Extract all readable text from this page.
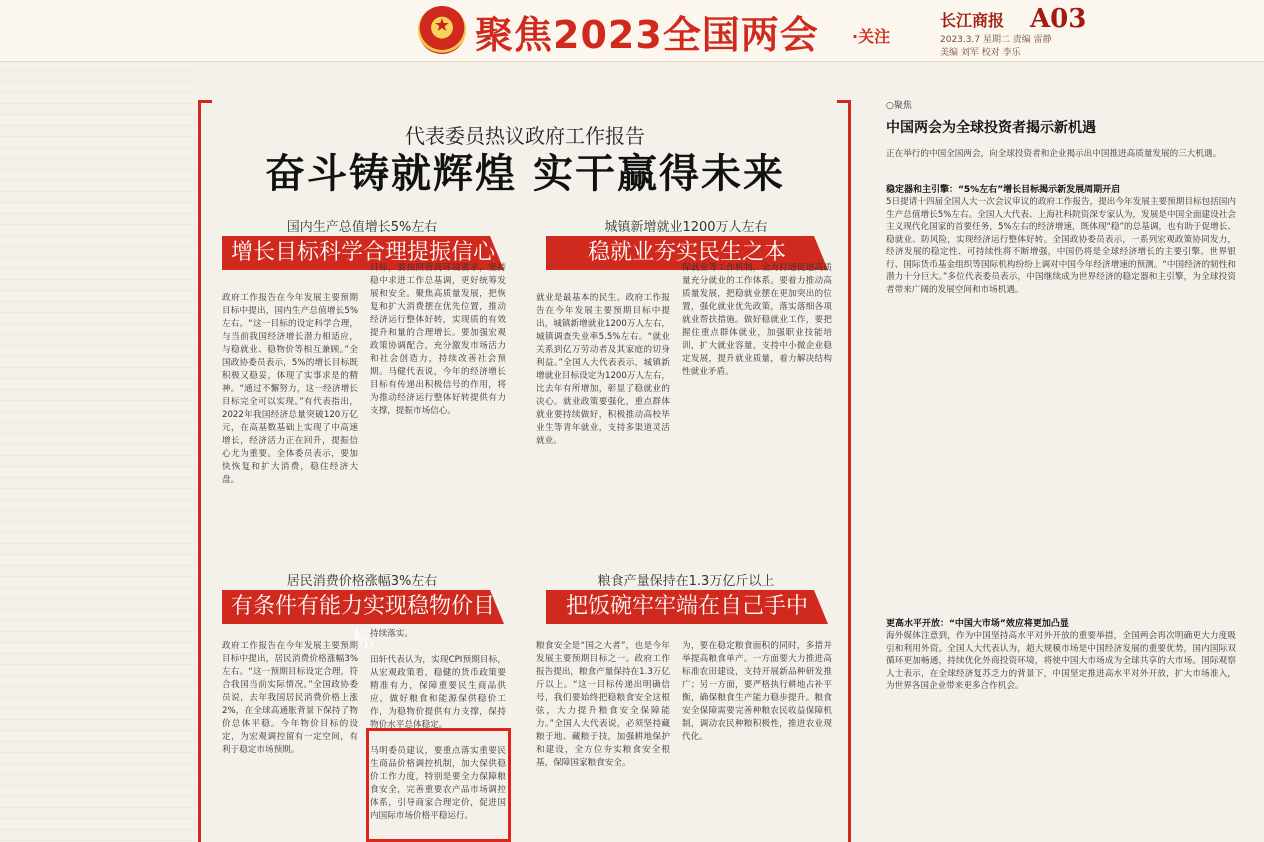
★ 聚焦2023全国两会 ·关注
长江商报 A03
2023.3.7 星期二 责编 雷静
美编 刘军 校对 李乐
代表委员热议政府工作报告
奋斗铸就辉煌 实干赢得未来
国内生产总值增长5%左右
增长目标科学合理提振信心
政府工作报告在今年发展主要预期目标中提出，国内生产总值增长5%左右。“这一目标的设定科学合理，与当前我国经济增长潜力相适应，与稳就业、稳物价等相互兼顾。”全国政协委员表示，5%的增长目标既积极又稳妥，体现了实事求是的精神。“通过不懈努力，这一经济增长目标完全可以实现。”有代表指出，2022年我国经济总量突破120万亿元，在高基数基础上实现了中高速增长，经济活力正在回升，提振信心尤为重要。全体委员表示，要加快恢复和扩大消费，稳住经济大盘。
目标，要按照营商环境要求，坚持稳中求进工作总基调，更好统筹发展和安全。聚焦高质量发展，把恢复和扩大消费摆在优先位置，推动经济运行整体好转，实现质的有效提升和量的合理增长。要加强宏观政策协调配合，充分激发市场活力和社会创造力，持续改善社会预期。马健代表说，今年的经济增长目标有传递出积极信号的作用，将为推动经济运行整体好转提供有力支撑，提振市场信心。
城镇新增就业1200万人左右
稳就业夯实民生之本
就业是最基本的民生。政府工作报告在今年发展主要预期目标中提出，城镇新增就业1200万人左右，城镇调查失业率5.5%左右。“就业关系到亿万劳动者及其家庭的切身利益。”全国人大代表表示，城镇新增就业目标设定为1200万人左右，比去年有所增加，彰显了稳就业的决心。就业政策要强化，重点群体就业要持续做好，积极推动高校毕业生等青年就业，支持多渠道灵活就业。
保就业等工作机制，全力打通促进高质量充分就业的工作体系。要着力推动高质量发展，把稳就业摆在更加突出的位置，强化就业优先政策，落实落细各项就业帮扶措施。做好稳就业工作，要把握住重点群体就业，加强职业技能培训，扩大就业容量，支持中小微企业稳定发展，提升就业质量，着力解决结构性就业矛盾。
居民消费价格涨幅3%左右
有条件有能力实现稳物价目标
政府工作报告在今年发展主要预期目标中提出，居民消费价格涨幅3%左右。“这一预期目标设定合理，符合我国当前实际情况。”全国政协委员说，去年我国居民消费价格上涨2%，在全球高通胀背景下保持了物价总体平稳。今年物价目标的设定，为宏观调控留有一定空间，有利于稳定市场预期。
持续落实。

田轩代表认为，实现CPI预期目标，从宏观政策看，稳健的货币政策要精准有力，保障重要民生商品供应，做好粮食和能源保供稳价工作，为稳物价提供有力支撑，保持物价水平总体稳定。

马明委员建议，要重点落实重要民生商品价格调控机制，加大保供稳价工作力度，特别是要全力保障粮食安全，完善重要农产品市场调控体系，引导商家合理定价，促进国内国际市场价格平稳运行。
粮食产量保持在1.3万亿斤以上
把饭碗牢牢端在自己手中
粮食安全是“国之大者”，也是今年发展主要预期目标之一。政府工作报告提出，粮食产量保持在1.3万亿斤以上。“这一目标传递出明确信号，我们要始终把稳粮食安全这根弦，大力提升粮食安全保障能力。”全国人大代表说，必须坚持藏粮于地、藏粮于技，加强耕地保护和建设，全方位夯实粮食安全根基，保障国家粮食安全。
为，要在稳定粮食面积的同时，多措并举提高粮食单产。一方面要大力推进高标准农田建设，支持开展新品种研发推广；另一方面，要严格执行耕地占补平衡，确保粮食生产能力稳步提升。粮食安全保障需要完善种粮农民收益保障机制，调动农民种粮积极性，推进农业现代化。
○聚焦
中国两会为全球投资者揭示新机遇
正在举行的中国全国两会，向全球投资者和企业揭示出中国推进高质量发展的三大机遇。
稳定器和主引擎：“5%左右”增长目标揭示新发展周期开启
5日提请十四届全国人大一次会议审议的政府工作报告，提出今年发展主要预期目标包括国内生产总值增长5%左右。全国人大代表、上海社科院资深专家认为，发展是中国全面建设社会主义现代化国家的首要任务，5%左右的经济增速，既体现“稳”的总基调，也有助于促增长、稳就业、防风险，实现经济运行整体好转。全国政协委员表示，一系列宏观政策协同发力，经济发展的稳定性、可持续性将不断增强，中国仍将是全球经济增长的主要引擎。世界银行、国际货币基金组织等国际机构纷纷上调对中国今年经济增速的预测。“中国经济的韧性和潜力十分巨大。”多位代表委员表示，中国继续成为世界经济的稳定器和主引擎，为全球投资者带来广阔的发展空间和市场机遇。
更高水平开放：“中国大市场”效应将更加凸显
海外媒体注意到，作为中国坚持高水平对外开放的重要举措，全国两会再次明确更大力度吸引和利用外资。全国人大代表认为，超大规模市场是中国经济发展的重要优势，国内国际双循环更加畅通，持续优化外商投资环境，将使中国大市场成为全球共享的大市场。国际观察人士表示，在全球经济复苏乏力的背景下，中国坚定推进高水平对外开放，扩大市场准入，为世界各国企业带来更多合作机会。
